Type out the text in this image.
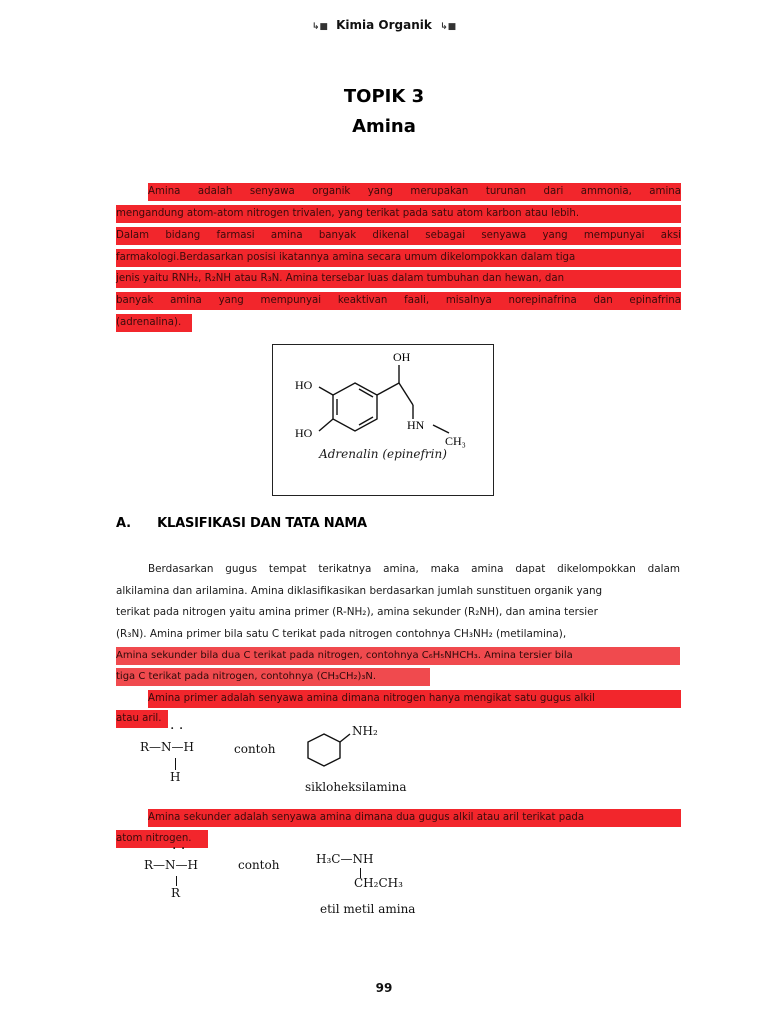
↳■ Kimia Organik ↳■
TOPIK 3
Amina
Amina adalah senyawa organik yang merupakan turunan dari ammonia, amina
mengandung atom-atom nitrogen trivalen, yang terikat pada satu atom karbon atau lebih.
Dalam bidang farmasi amina banyak dikenal sebagai senyawa yang mempunyai aksi
farmakologi.Berdasarkan posisi ikatannya amina secara umum dikelompokkan dalam tiga
jenis yaitu RNH₂, R₂NH atau R₃N. Amina tersebar luas dalam tumbuhan dan hewan, dan
banyak amina yang mempunyai keaktivan faali, misalnya norepinafrina dan epinafrina
(adrenalina).
OH
HO
HO
HN
CH₃
Adrenalin (epinefrin)
A. KLASIFIKASI DAN TATA NAMA
Berdasarkan gugus tempat terikatnya amina, maka amina dapat dikelompokkan dalam
alkilamina dan arilamina. Amina diklasifikasikan berdasarkan jumlah sunstituen organik yang
terikat pada nitrogen yaitu amina primer (R-NH₂), amina sekunder (R₂NH), dan amina tersier
(R₃N). Amina primer bila satu C terikat pada nitrogen contohnya CH₃NH₂ (metilamina),
Amina sekunder bila dua C terikat pada nitrogen, contohnya C₆H₅NHCH₃. Amina tersier bila
tiga C terikat pada nitrogen, contohnya (CH₃CH₂)₃N.
Amina primer adalah senyawa amina dimana nitrogen hanya mengikat satu gugus alkil
atau aril.
· ·
R—N—H
H
contoh
NH₂
sikloheksilamina
Amina sekunder adalah senyawa amina dimana dua gugus alkil atau aril terikat pada
atom nitrogen.
· ·
R—N—H
R
contoh	H₃C—NH
CH₂CH₃
etil metil amina
99
